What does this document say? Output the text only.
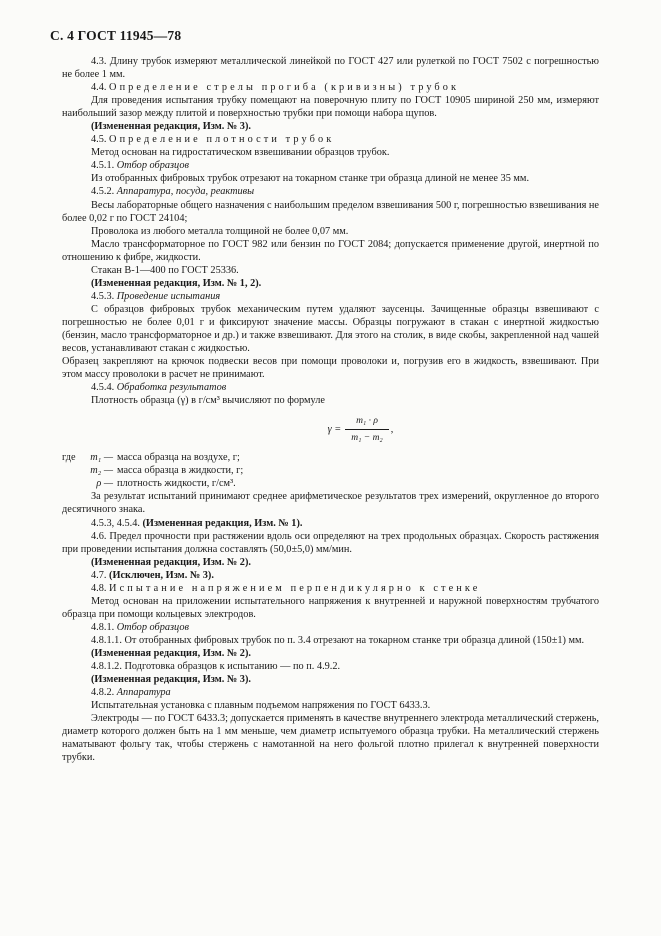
С. 4 ГОСТ 11945—78

4.3. Длину трубок измеряют металлической линейкой по ГОСТ 427 или рулеткой по ГОСТ 7502 с погрешностью не более 1 мм.

4.4. Определение стрелы прогиба (кривизны) трубок

Для проведения испытания трубку помещают на поверочную плиту по ГОСТ 10905 шириной 250 мм, измеряют наибольший зазор между плитой и поверхностью трубки при помощи набора щупов.

(Измененная редакция, Изм. № 3).

4.5. Определение плотности трубок

Метод основан на гидростатическом взвешивании образцов трубок.

4.5.1. Отбор образцов

Из отобранных фибровых трубок отрезают на токарном станке три образца длиной не менее 35 мм.

4.5.2. Аппаратура, посуда, реактивы

Весы лабораторные общего назначения с наибольшим пределом взвешивания 500 г, погрешностью взвешивания не более 0,02 г по ГОСТ 24104;

Проволока из любого металла толщиной не более 0,07 мм.

Масло трансформаторное по ГОСТ 982 или бензин по ГОСТ 2084; допускается применение другой, инертной по отношению к фибре, жидкости.

Стакан В-1—400 по ГОСТ 25336.

(Измененная редакция, Изм. № 1, 2).

4.5.3. Проведение испытания

С образцов фибровых трубок механическим путем удаляют заусенцы. Зачищенные образцы взвешивают с погрешностью не более 0,01 г и фиксируют значение массы. Образцы погружают в стакан с инертной жидкостью (бензин, масло трансформаторное и др.) и также взвешивают. Для этого на столик, в виде скобы, закрепленной над чашей весов, устанавливают стакан с жидкостью.

Образец закрепляют на крючок подвески весов при помощи проволоки и, погрузив его в жидкость, взвешивают. При этом массу проволоки в расчет не принимают.

4.5.4. Обработка результатов

Плотность образца (γ) в г/см³ вычисляют по формуле

$\gamma = \frac{\text{m₁ · ρ}}{\text{m₁ − m₂}}$ ,
где	m₁ — масса образца на воздухе, г;
m₂ — масса образца в жидкости, г;
ρ — плотность жидкости, г/см³.

За результат испытаний принимают среднее арифметическое результатов трех измерений, округленное до второго десятичного знака.

4.5.3, 4.5.4. (Измененная редакция, Изм. № 1).

4.6. Предел прочности при растяжении вдоль оси определяют на трех продольных образцах. Скорость растяжения при проведении испытания должна составлять (50,0±5,0) мм/мин.

(Измененная редакция, Изм. № 2).

4.7. (Исключен, Изм. № 3).

4.8. Испытание напряжением перпендикулярно к стенке

Метод основан на приложении испытательного напряжения к внутренней и наружной поверхностям трубчатого образца при помощи кольцевых электродов.

4.8.1. Отбор образцов

4.8.1.1. От отобранных фибровых трубок по п. 3.4 отрезают на токарном станке три образца длиной (150±1) мм.

(Измененная редакция, Изм. № 2).

4.8.1.2. Подготовка образцов к испытанию — по п. 4.9.2.

(Измененная редакция, Изм. № 3).

4.8.2. Аппаратура

Испытательная установка с плавным подъемом напряжения по ГОСТ 6433.3.

Электроды — по ГОСТ 6433.3; допускается применять в качестве внутреннего электрода металлический стержень, диаметр которого должен быть на 1 мм меньше, чем диаметр испытуемого образца трубки. На металлический стержень наматывают фольгу так, чтобы стержень с намотанной на него фольгой плотно прилегал к внутренней поверхности трубки.
